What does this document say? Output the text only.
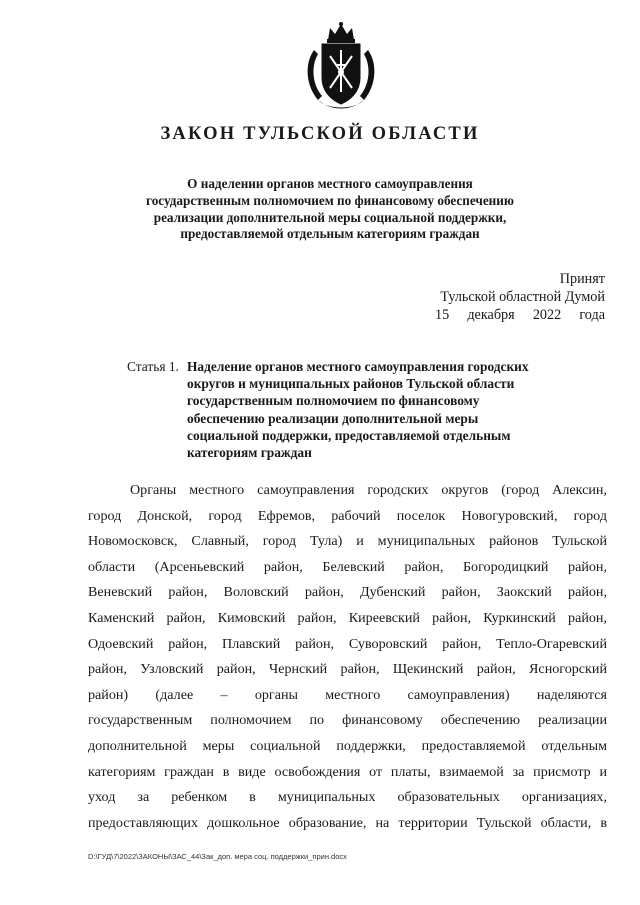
ЗАКОН ТУЛЬСКОЙ ОБЛАСТИ
О наделении органов местного самоуправления
государственным полномочием по финансовому обеспечению
реализации дополнительной меры социальной поддержки,
предоставляемой отдельным категориям граждан
Принят
Тульской областной Думой
15 декабря 2022 года
Статья 1. Наделение органов местного самоуправления городских
округов и муниципальных районов Тульской области
государственным полномочием по финансовому
обеспечению реализации дополнительной меры
социальной поддержки, предоставляемой отдельным
категориям граждан
Органы местного самоуправления городских округов (город Алексин,
город Донской, город Ефремов, рабочий поселок Новогуровский, город
Новомосковск, Славный, город Тула) и муниципальных районов Тульской
области (Арсеньевский район, Белевский район, Богородицкий район,
Веневский район, Воловский район, Дубенский район, Заокский район,
Каменский район, Кимовский район, Киреевский район, Куркинский район,
Одоевский район, Плавский район, Суворовский район, Тепло-Огаревский
район, Узловский район, Чернский район, Щекинский район, Ясногорский
район) (далее – органы местного самоуправления) наделяются
государственным полномочием по финансовому обеспечению реализации
дополнительной меры социальной поддержки, предоставляемой отдельным
категориям граждан в виде освобождения от платы, взимаемой за присмотр и
уход за ребенком в муниципальных образовательных организациях,
предоставляющих дошкольное образование, на территории Тульской области, в
D:\ГУД\7\2022\ЗАКОНЫ\ЗАС_44\Зак_доп. мера соц. поддержки_прин.docx
